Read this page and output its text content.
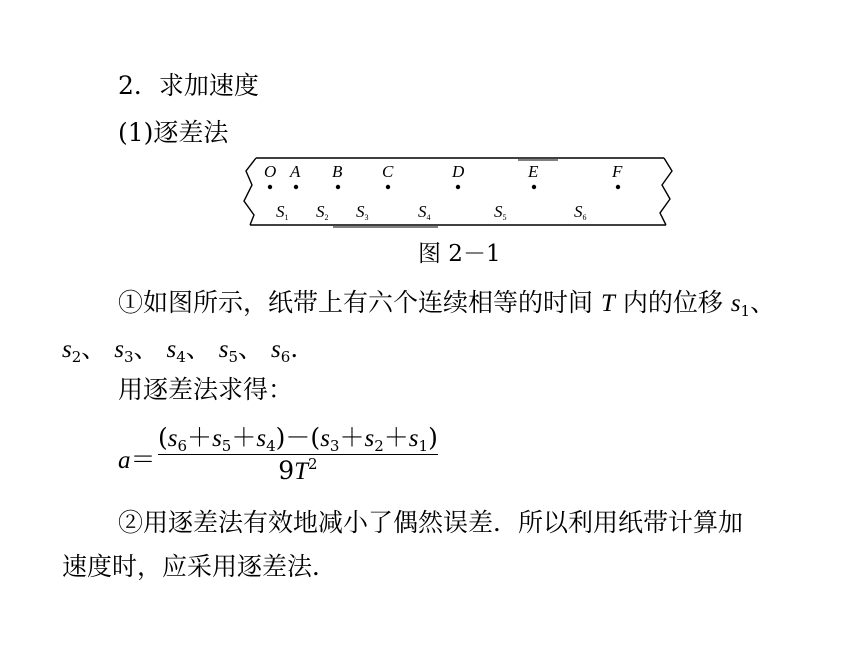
2．求加速度
(1)逐差法
O A B C	D	E	F
S1 S2 S3	S4	S5	S6
图 2－1
①如图所示，纸带上有六个连续相等的时间 T 内的位移 $s_1$、
$s_2$、 $s_3$、 $s_4$、 $s_5$、 $s_6$.
用逐差法求得：
a＝
$(s_6+s_5+s_4)-(s_3+s_2+s_1)$
$9T^2$
②用逐差法有效地减小了偶然误差．所以利用纸带计算加
速度时，应采用逐差法．
